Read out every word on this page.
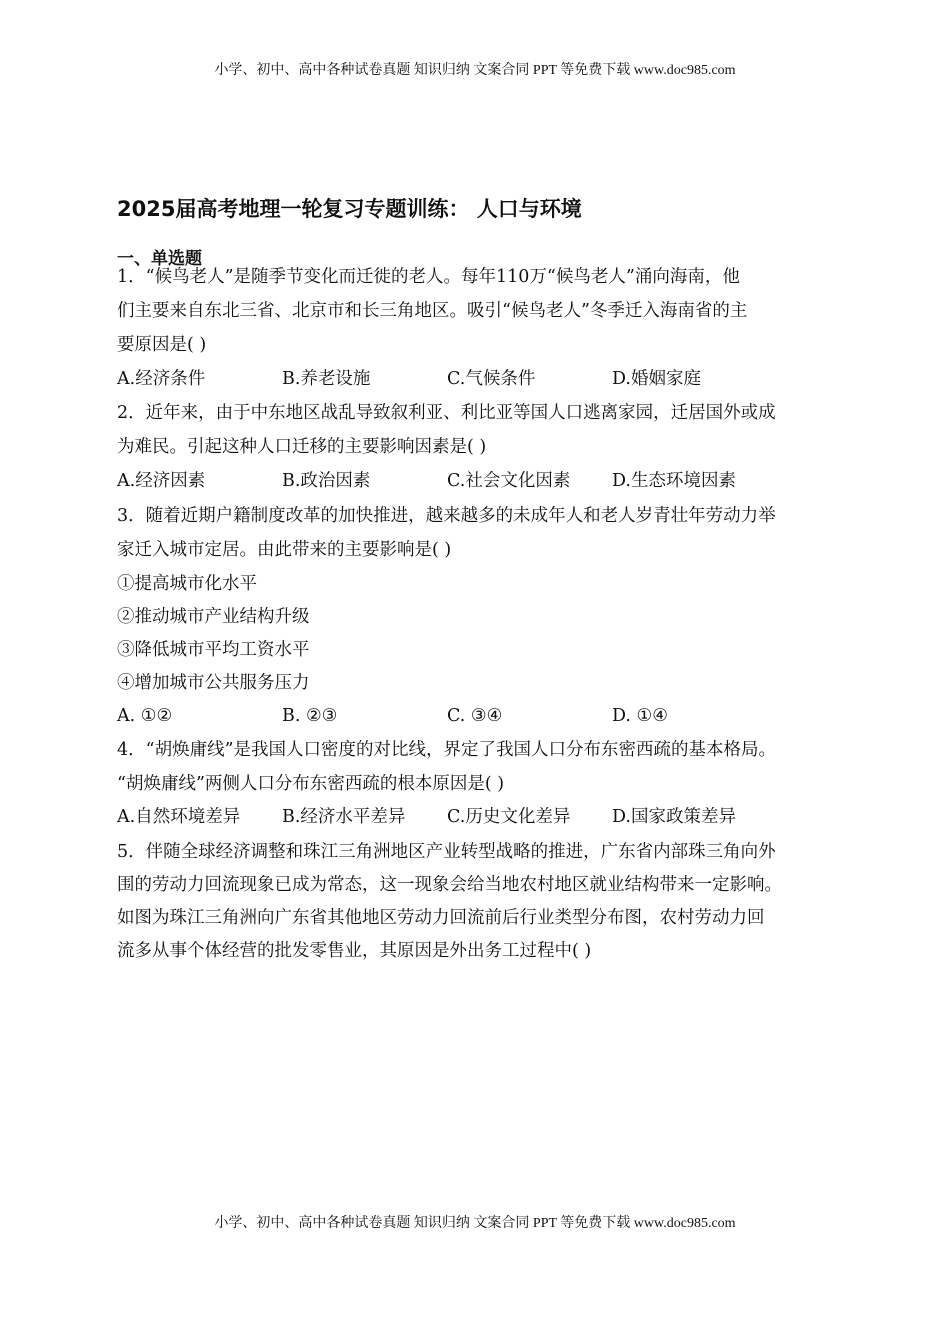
小学、初中、高中各种试卷真题 知识归纳 文案合同 PPT 等免费下载 www.doc985.com
2025届高考地理一轮复习专题训练： 人口与环境
一、单选题
1．“候鸟老人”是随季节变化而迁徙的老人。每年110万“候鸟老人”涌向海南，他
们主要来自东北三省、北京市和长三角地区。吸引“候鸟老人”冬季迁入海南省的主
要原因是( )
A.经济条件	B.养老设施	C.气候条件	D.婚姻家庭
2．近年来，由于中东地区战乱导致叙利亚、利比亚等国人口逃离家园，迁居国外或成
为难民。引起这种人口迁移的主要影响因素是( )
A.经济因素	B.政治因素	C.社会文化因素 D.生态环境因素
3．随着近期户籍制度改革的加快推进，越来越多的未成年人和老人岁青壮年劳动力举
家迁入城市定居。由此带来的主要影响是( )
①提高城市化水平
②推动城市产业结构升级
③降低城市平均工资水平
④增加城市公共服务压力
A. ①②	B. ②③	C. ③④	D. ①④
4．“胡焕庸线”是我国人口密度的对比线，界定了我国人口分布东密西疏的基本格局。
“胡焕庸线”两侧人口分布东密西疏的根本原因是( )
A.自然环境差异 B.经济水平差异 C.历史文化差异 D.国家政策差异
5．伴随全球经济调整和珠江三角洲地区产业转型战略的推进，广东省内部珠三角向外
围的劳动力回流现象已成为常态，这一现象会给当地农村地区就业结构带来一定影响。
如图为珠江三角洲向广东省其他地区劳动力回流前后行业类型分布图，农村劳动力回
流多从事个体经营的批发零售业，其原因是外出务工过程中( )
小学、初中、高中各种试卷真题 知识归纳 文案合同 PPT 等免费下载 www.doc985.com
